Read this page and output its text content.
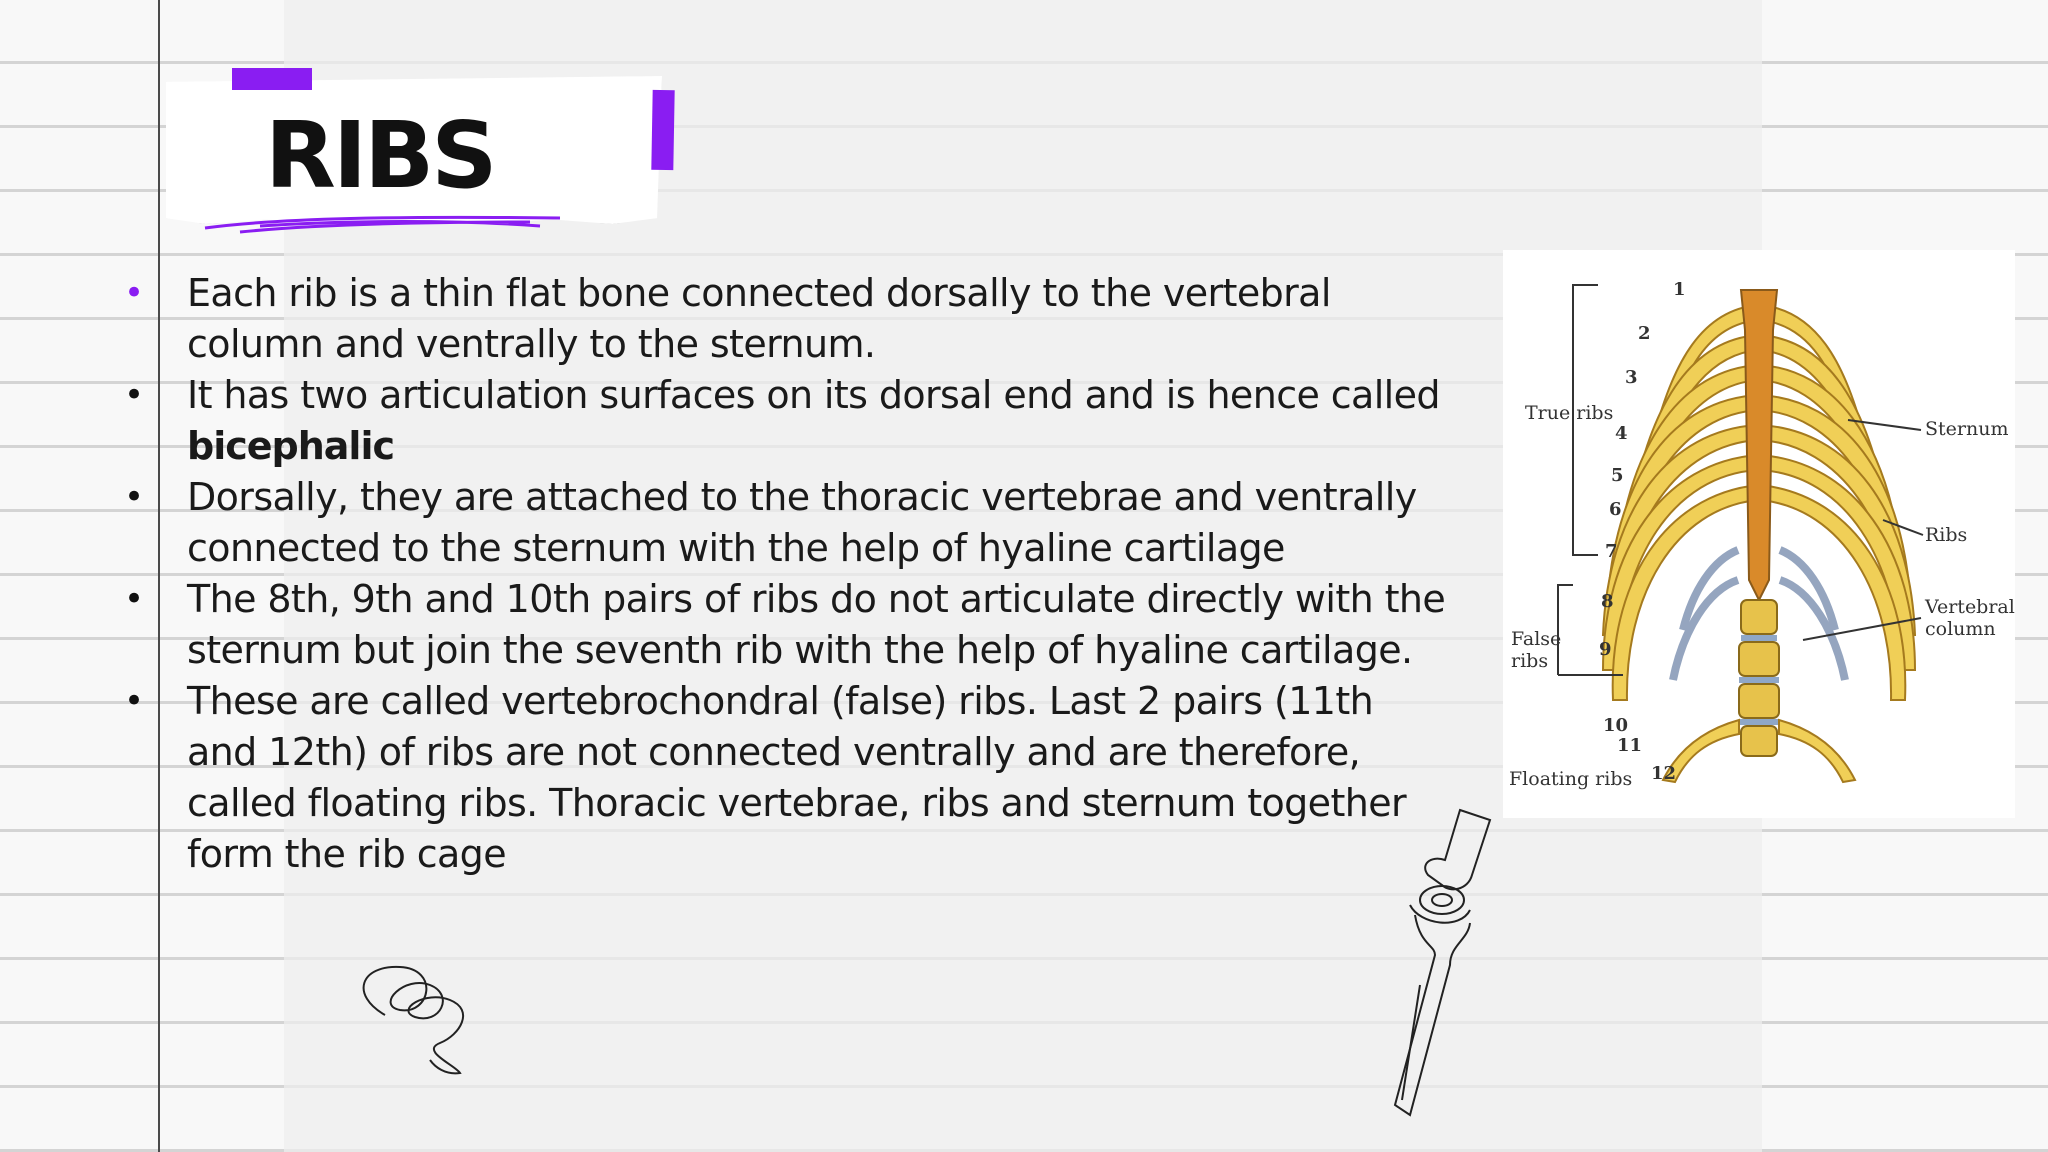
RIBS
• Each rib is a thin flat bone connected dorsally to the vertebral column and ventrally to the sternum.
• It has two articulation surfaces on its dorsal end and is hence called
bicephalic
• Dorsally, they are attached to the thoracic vertebrae and ventrally connected to the sternum with the help of hyaline cartilage
• The 8th, 9th and 10th pairs of ribs do not articulate directly with the sternum but join the seventh rib with the help of hyaline cartilage.
• These are called vertebrochondral (false) ribs. Last 2 pairs (11th and 12th) of ribs are not connected ventrally and are therefore, called floating ribs. Thoracic vertebrae, ribs and sternum together form the rib cage
True ribs
False
ribs
Floating ribs
Sternum
Ribs
Vertebral
column
1
2
3
4
5
6
7
8
9
10
11
12
